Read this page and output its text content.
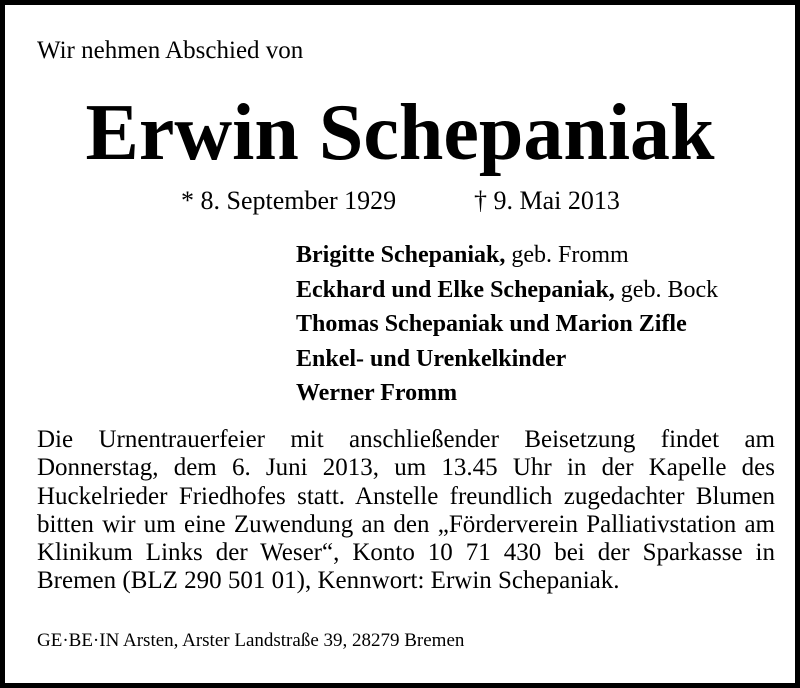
Wir nehmen Abschied von
Erwin Schepaniak
* 8. September 1929	† 9. Mai 2013
Brigitte Schepaniak, geb. Fromm
Eckhard und Elke Schepaniak, geb. Bock
Thomas Schepaniak und Marion Zifle
Enkel- und Urenkelkinder
Werner Fromm
Die Urnentrauerfeier mit anschließender Beisetzung findet am Donnerstag, dem 6. Juni 2013, um 13.45 Uhr in der Kapelle des Huckelrieder Friedhofes statt. Anstelle freundlich zugedachter Blumen bitten wir um eine Zuwendung an den „Förderverein Palliativstation am Klinikum Links der Weser“, Konto 10 71 430 bei der Sparkasse in Bremen (BLZ 290 501 01), Kennwort: Erwin Schepaniak.
GE·BE·IN Arsten, Arster Landstraße 39, 28279 Bremen
